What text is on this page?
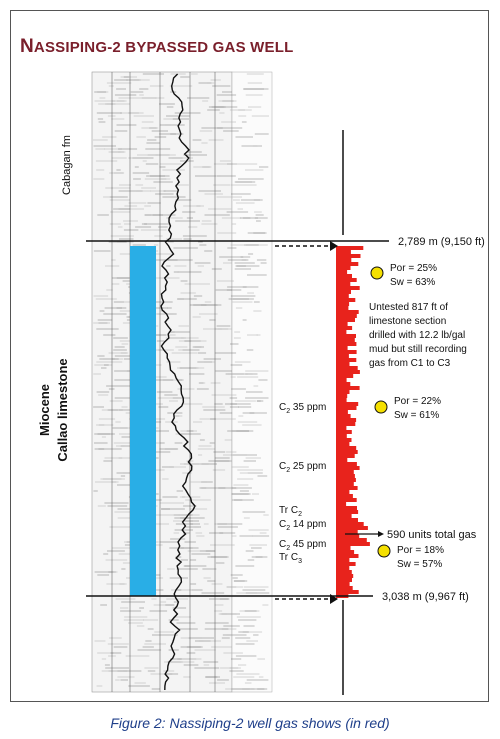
NASSIPING-2 BYPASSED GAS WELL
2,789 m (9,150 ft)
3,038 m (9,967 ft)
590 units total gas
Cabagan fm
Miocene Callao limestone
Por = 25%
Sw = 63%
Por = 22%
Sw = 61%
Por = 18%
Sw = 57%
Untested 817 ft of
limestone section
drilled with 12.2 lb/gal
mud but still recording
gas from C1 to C3
$C_2$ 35 ppm
$C_2$ 25 ppm
Tr $C_2$
$C_2$ 14 ppm
$C_2$ 45 ppm
Tr $C_3$
Figure 2: Nassiping-2 well gas shows (in red)
